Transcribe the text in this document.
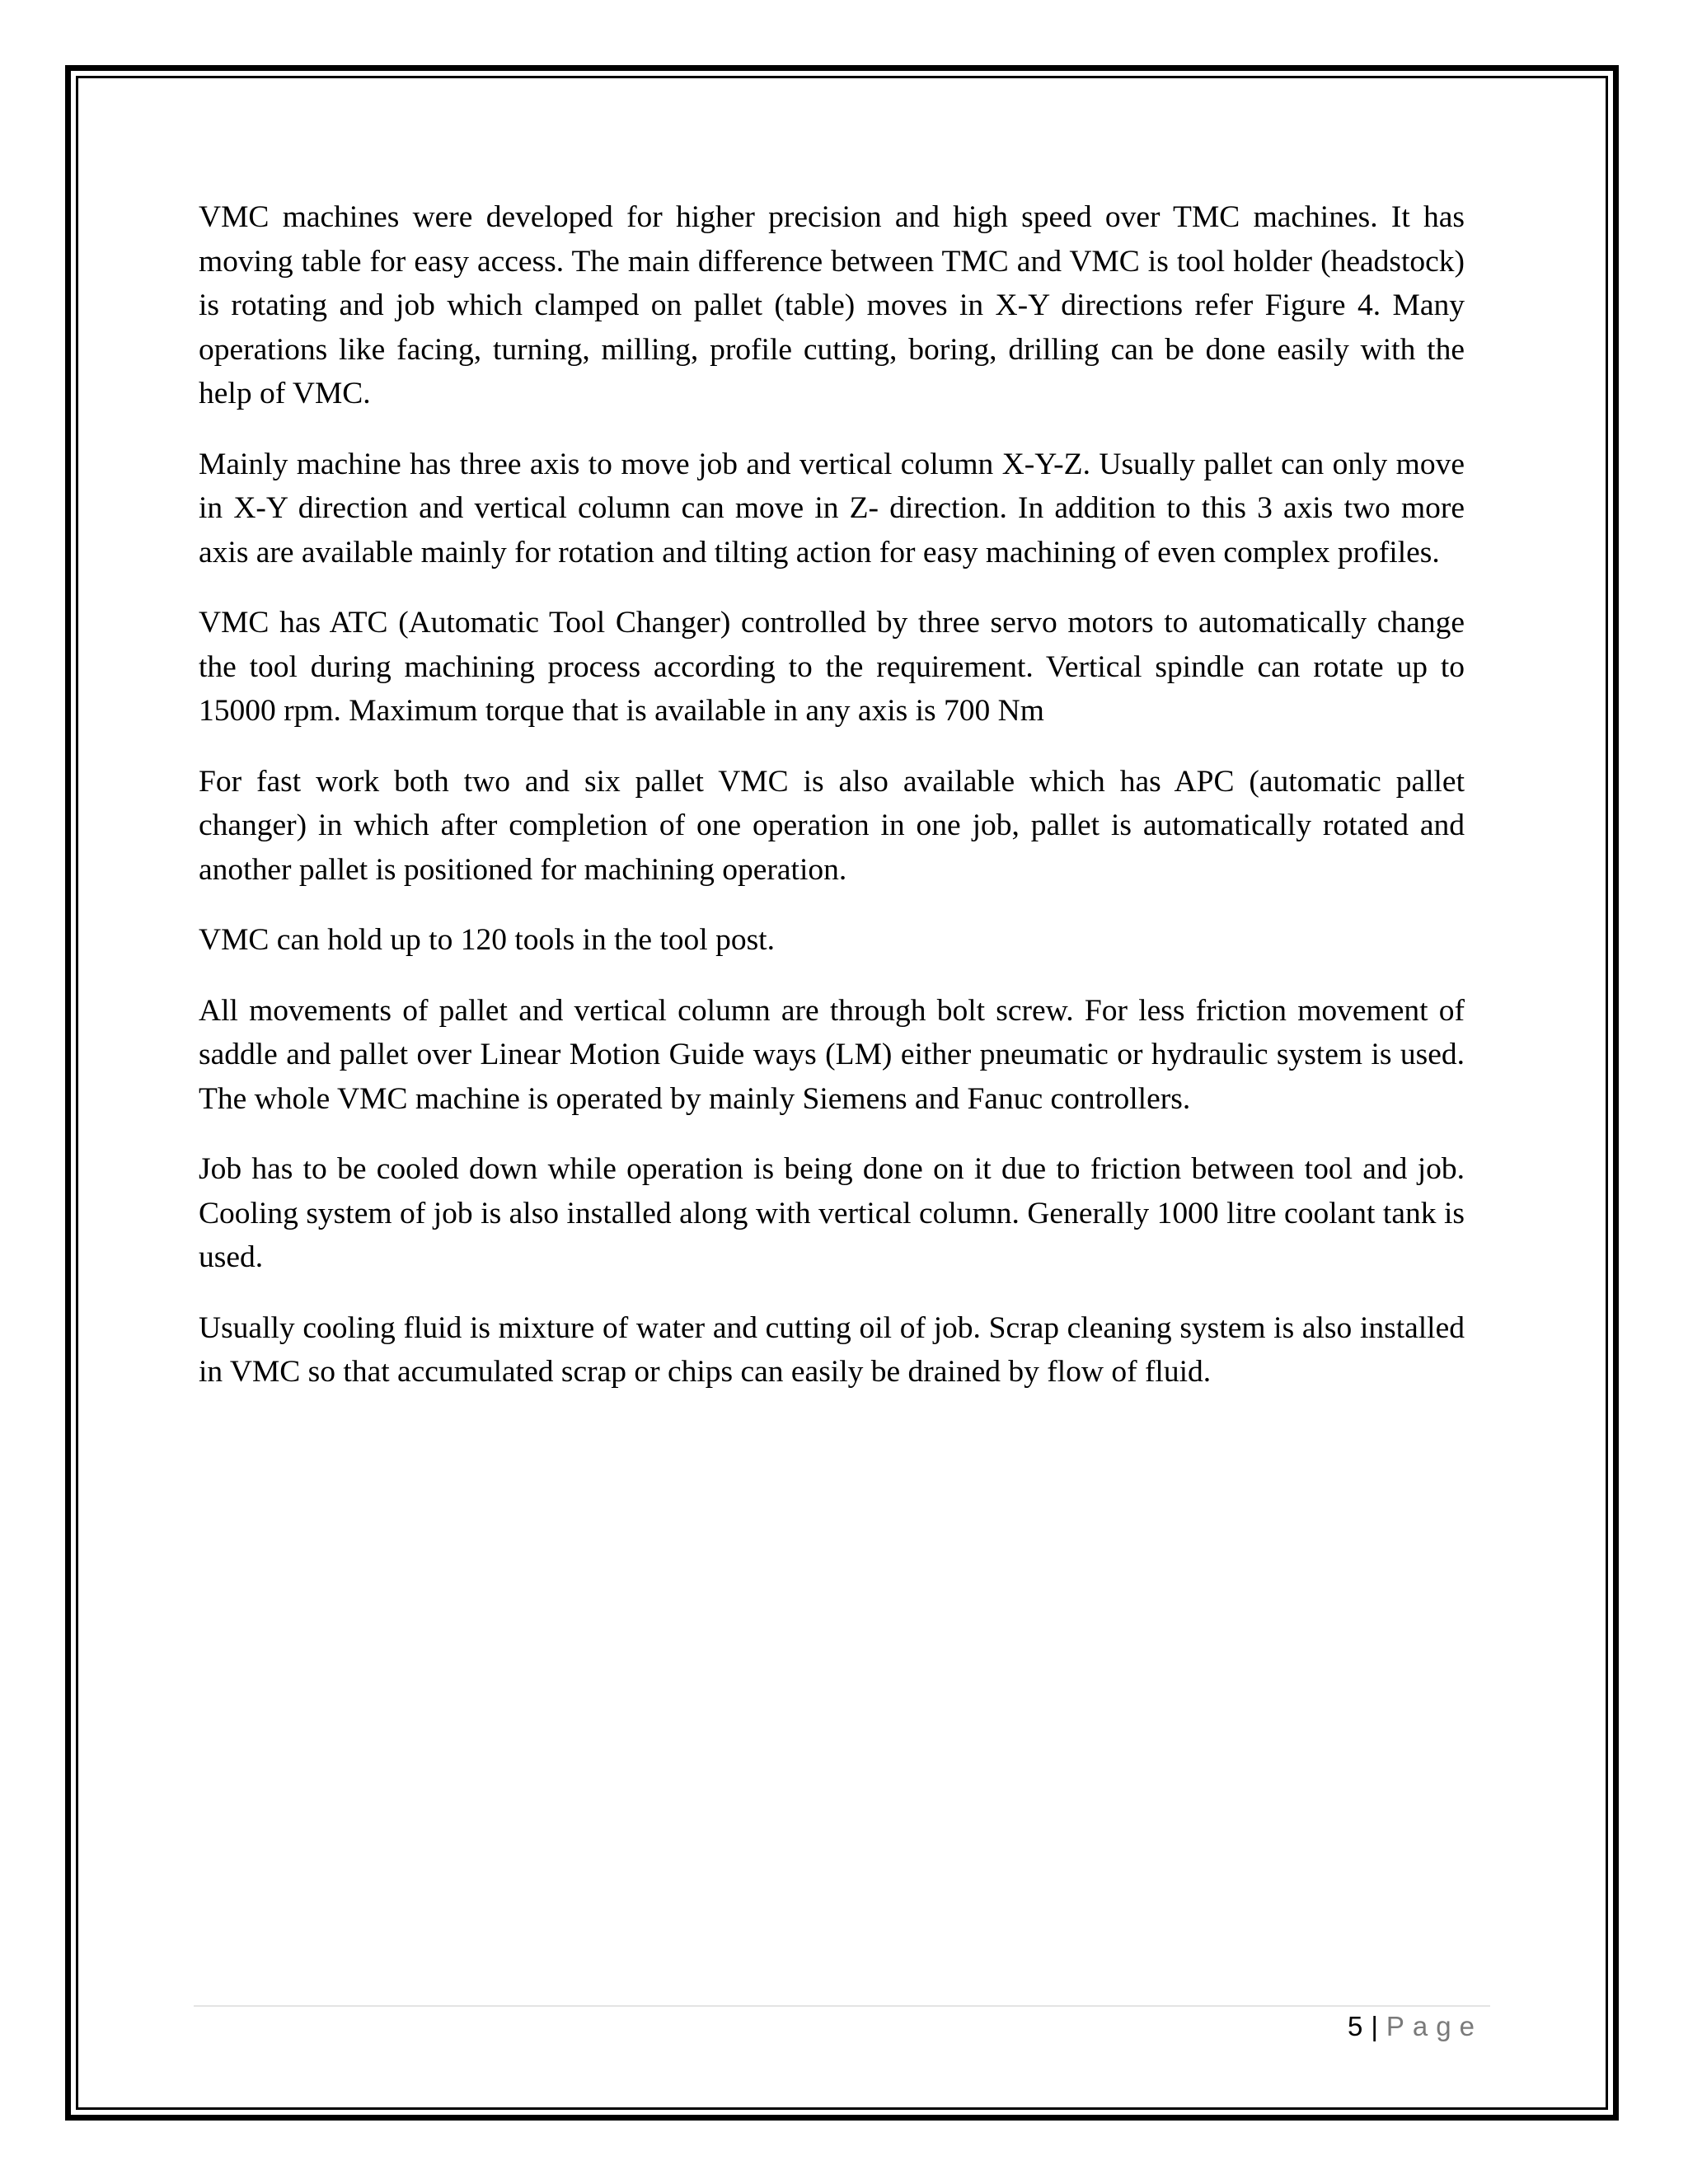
VMC machines were developed for higher precision and high speed over TMC machines. It has moving table for easy access. The main difference between TMC and VMC is tool holder (headstock) is rotating and job which clamped on pallet (table) moves in X-Y directions refer Figure 4. Many operations like facing, turning, milling, profile cutting, boring, drilling can be done easily with the help of VMC.

Mainly machine has three axis to move job and vertical column X-Y-Z. Usually pallet can only move in X-Y direction and vertical column can move in Z- direction. In addition to this 3 axis two more axis are available mainly for rotation and tilting action for easy machining of even complex profiles.

VMC has ATC (Automatic Tool Changer) controlled by three servo motors to automatically change the tool during machining process according to the requirement. Vertical spindle can rotate up to 15000 rpm. Maximum torque that is available in any axis is 700 Nm

For fast work both two and six pallet VMC is also available which has APC (automatic pallet changer) in which after completion of one operation in one job, pallet is automatically rotated and another pallet is positioned for machining operation.

VMC can hold up to 120 tools in the tool post.

All movements of pallet and vertical column are through bolt screw. For less friction movement of saddle and pallet over Linear Motion Guide ways (LM) either pneumatic or hydraulic system is used. The whole VMC machine is operated by mainly Siemens and Fanuc controllers.

Job has to be cooled down while operation is being done on it due to friction between tool and job. Cooling system of job is also installed along with vertical column. Generally 1000 litre coolant tank is used.

Usually cooling fluid is mixture of water and cutting oil of job. Scrap cleaning system is also installed in VMC so that accumulated scrap or chips can easily be drained by flow of fluid.

5 | Page
